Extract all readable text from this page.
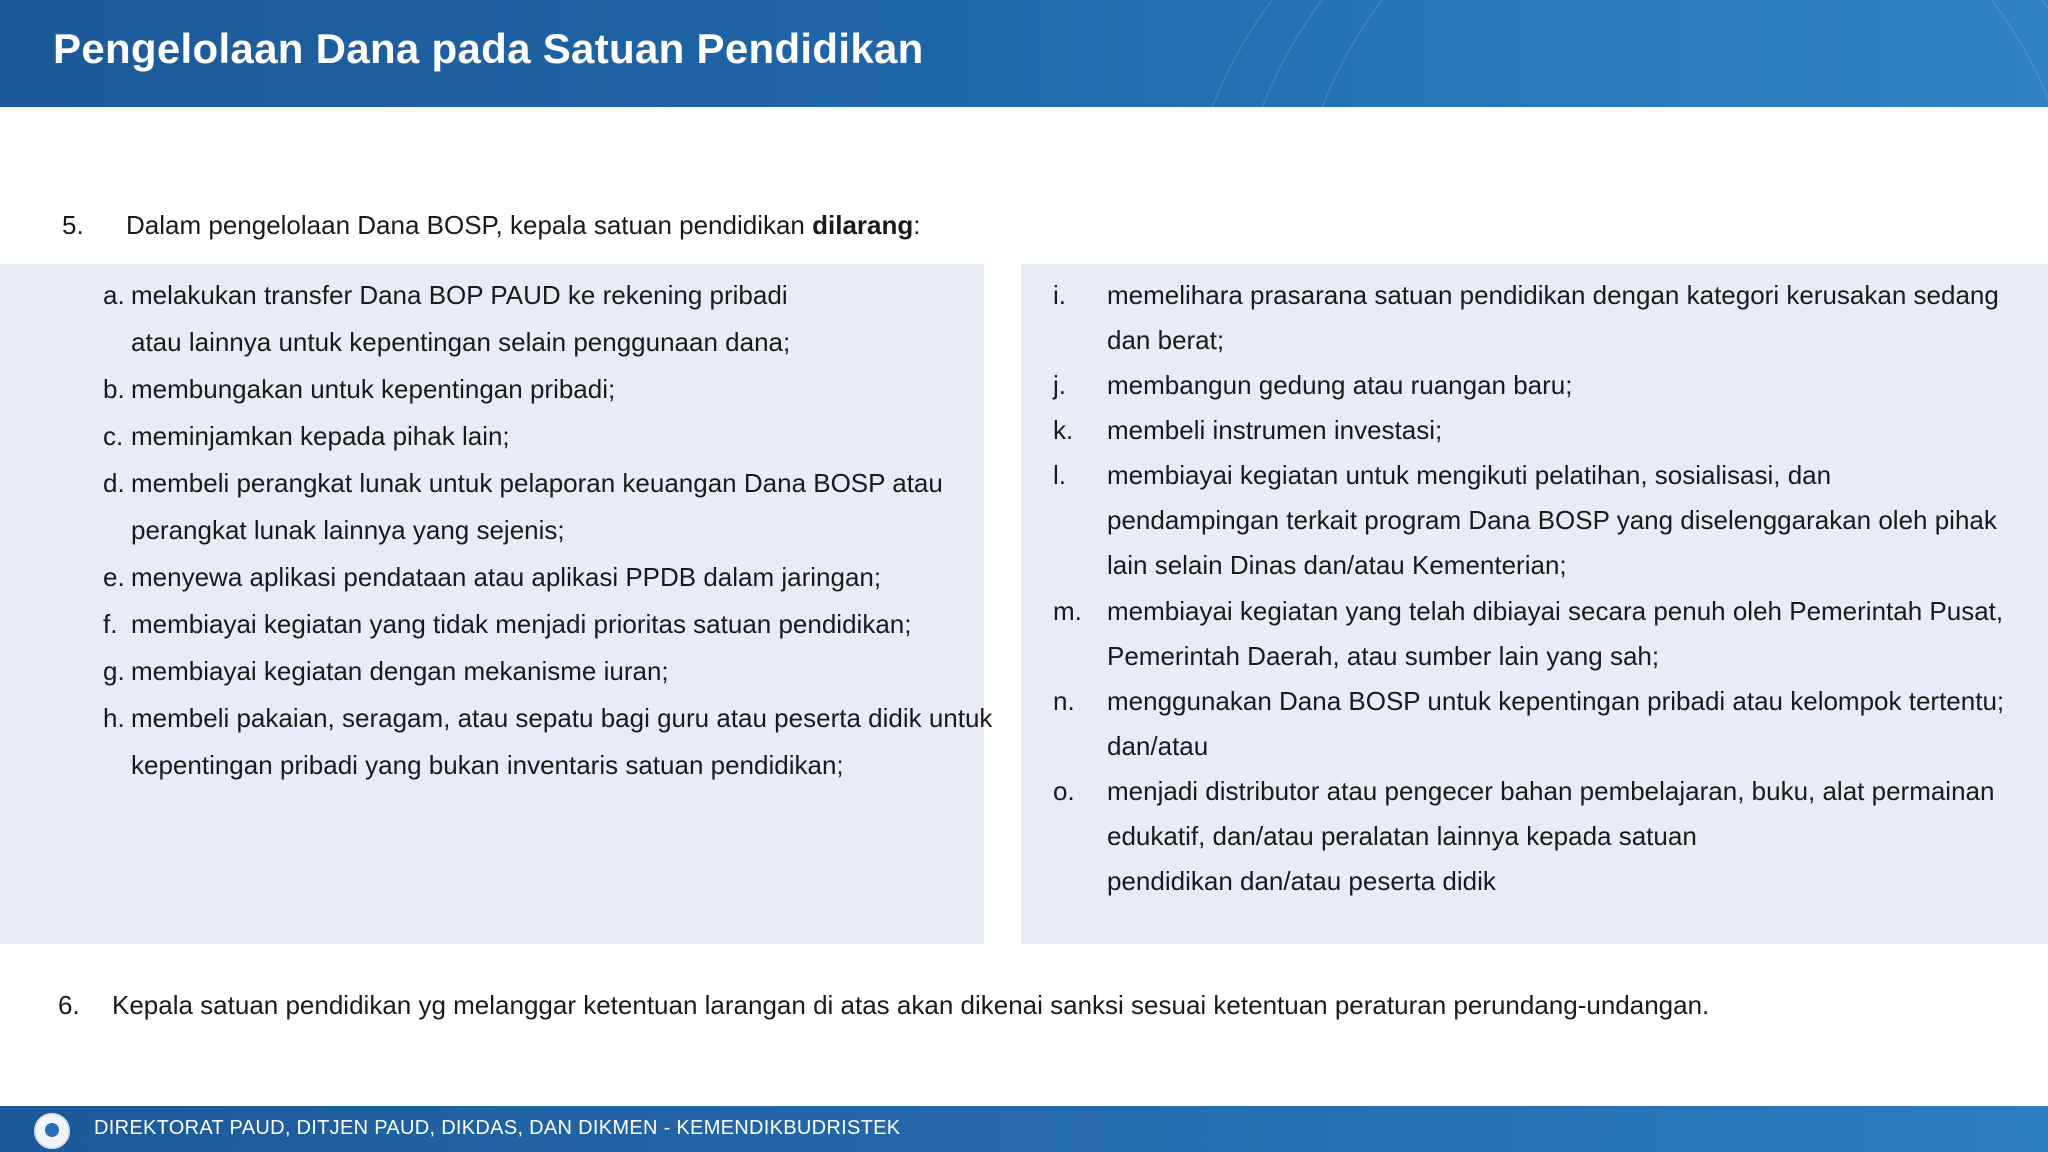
Pengelolaan Dana pada Satuan Pendidikan
5. Dalam pengelolaan Dana BOSP, kepala satuan pendidikan dilarang:
a. melakukan transfer Dana BOP PAUD ke rekening pribadi
atau lainnya untuk kepentingan selain penggunaan dana;
b. membungakan untuk kepentingan pribadi;
c. meminjamkan kepada pihak lain;
d. membeli perangkat lunak untuk pelaporan keuangan Dana BOSP atau
perangkat lunak lainnya yang sejenis;
e. menyewa aplikasi pendataan atau aplikasi PPDB dalam jaringan;
f. membiayai kegiatan yang tidak menjadi prioritas satuan pendidikan;
g. membiayai kegiatan dengan mekanisme iuran;
h. membeli pakaian, seragam, atau sepatu bagi guru atau peserta didik untuk
kepentingan pribadi yang bukan inventaris satuan pendidikan;
i. memelihara prasarana satuan pendidikan dengan kategori kerusakan sedang
dan berat;
j. membangun gedung atau ruangan baru;
k. membeli instrumen investasi;
l. membiayai kegiatan untuk mengikuti pelatihan, sosialisasi, dan
pendampingan terkait program Dana BOSP yang diselenggarakan oleh pihak
lain selain Dinas dan/atau Kementerian;
m. membiayai kegiatan yang telah dibiayai secara penuh oleh Pemerintah Pusat,
Pemerintah Daerah, atau sumber lain yang sah;
n. menggunakan Dana BOSP untuk kepentingan pribadi atau kelompok tertentu;
dan/atau
o. menjadi distributor atau pengecer bahan pembelajaran, buku, alat permainan
edukatif, dan/atau peralatan lainnya kepada satuan
pendidikan dan/atau peserta didik
6. Kepala satuan pendidikan yg melanggar ketentuan larangan di atas akan dikenai sanksi sesuai ketentuan peraturan perundang-undangan.
DIREKTORAT PAUD, DITJEN PAUD, DIKDAS, DAN DIKMEN - KEMENDIKBUDRISTEK
